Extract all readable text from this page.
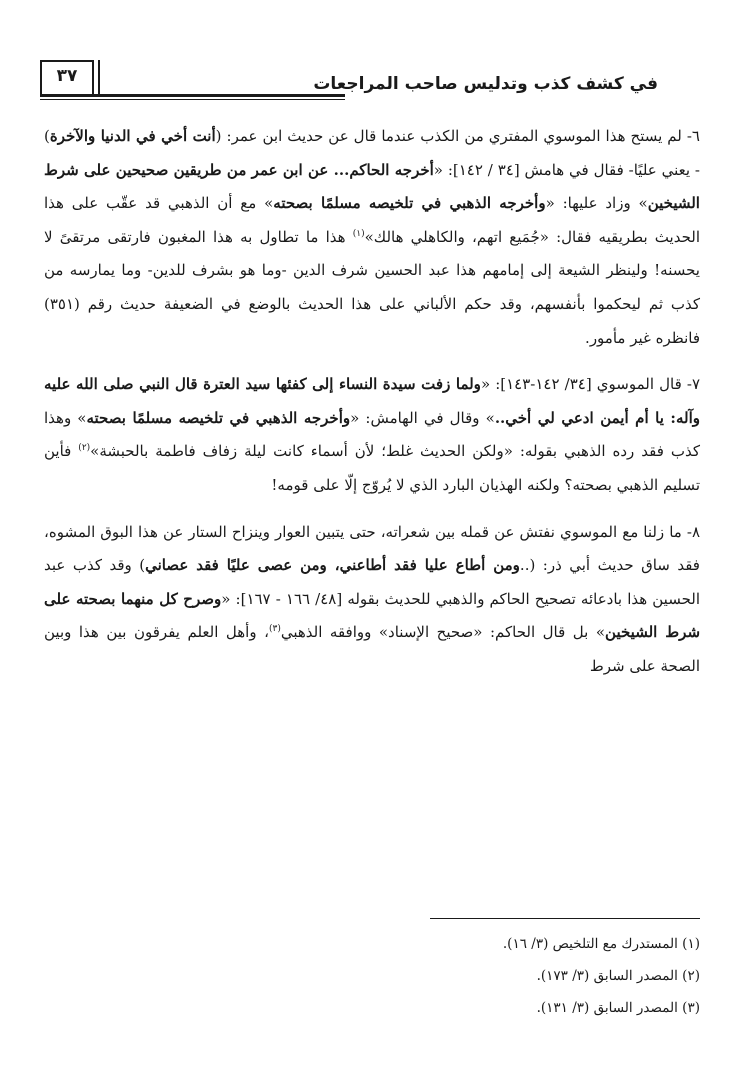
في كشف كذب وتدليس صاحب المراجعات
٣٧

٦- لم يستح هذا الموسوي المفتري من الكذب عندما قال عن حديث ابن عمر: (أنت أخي في الدنيا والآخرة) - يعني عليًا- فقال في هامش [٣٤ / ١٤٢]: «أخرجه الحاكم... عن ابن عمر من طريقين صحيحين على شرط الشيخين» وزاد عليها: «وأخرجه الذهبي في تلخيصه مسلمًا بصحته» مع أن الذهبي قد عقّب على هذا الحديث بطريقيه فقال: «جُمَيع اتهم، والكاهلي هالك»$^{(١)}$ هذا ما تطاول به هذا المغبون فارتقى مرتقىً لا يحسنه! ولينظر الشيعة إلى إمامهم هذا عبد الحسين شرف الدين -وما هو بشرف للدين- وما يمارسه من كذب ثم ليحكموا بأنفسهم، وقد حكم الألباني على هذا الحديث بالوضع في الضعيفة حديث رقم (٣٥١) فانظره غير مأمور.

٧- قال الموسوي [٣٤/ ١٤٢-١٤٣]: «ولما زفت سيدة النساء إلى كفئها سيد العترة قال النبي صلى الله عليه وآله: يا أم أيمن ادعي لي أخي..» وقال في الهامش: «وأخرجه الذهبي في تلخيصه مسلمًا بصحته» وهذا كذب فقد رده الذهبي بقوله: «ولكن الحديث غلط؛ لأن أسماء كانت ليلة زفاف فاطمة بالحبشة»$^{(٢)}$ فأين تسليم الذهبي بصحته؟ ولكنه الهذيان البارد الذي لا يُروّج إلّا على قومه!

٨- ما زلنا مع الموسوي نفتش عن قمله بين شعراته، حتى يتبين العوار وينزاح الستار عن هذا البوق المشوه، فقد ساق حديث أبي ذر: (..ومن أطاع عليا فقد أطاعني، ومن عصى عليًا فقد عصاني) وقد كذب عبد الحسين هذا بادعائه تصحيح الحاكم والذهبي للحديث بقوله [٤٨/ ١٦٦ - ١٦٧]: «وصرح كل منهما بصحته على شرط الشيخين» بل قال الحاكم: «صحيح الإسناد» ووافقه الذهبي$^{(٣)}$، وأهل العلم يفرقون بين هذا وبين الصحة على شرط

(١) المستدرك مع التلخيص (٣/ ١٦).
(٢) المصدر السابق (٣/ ١٧٣).
(٣) المصدر السابق (٣/ ١٣١).
